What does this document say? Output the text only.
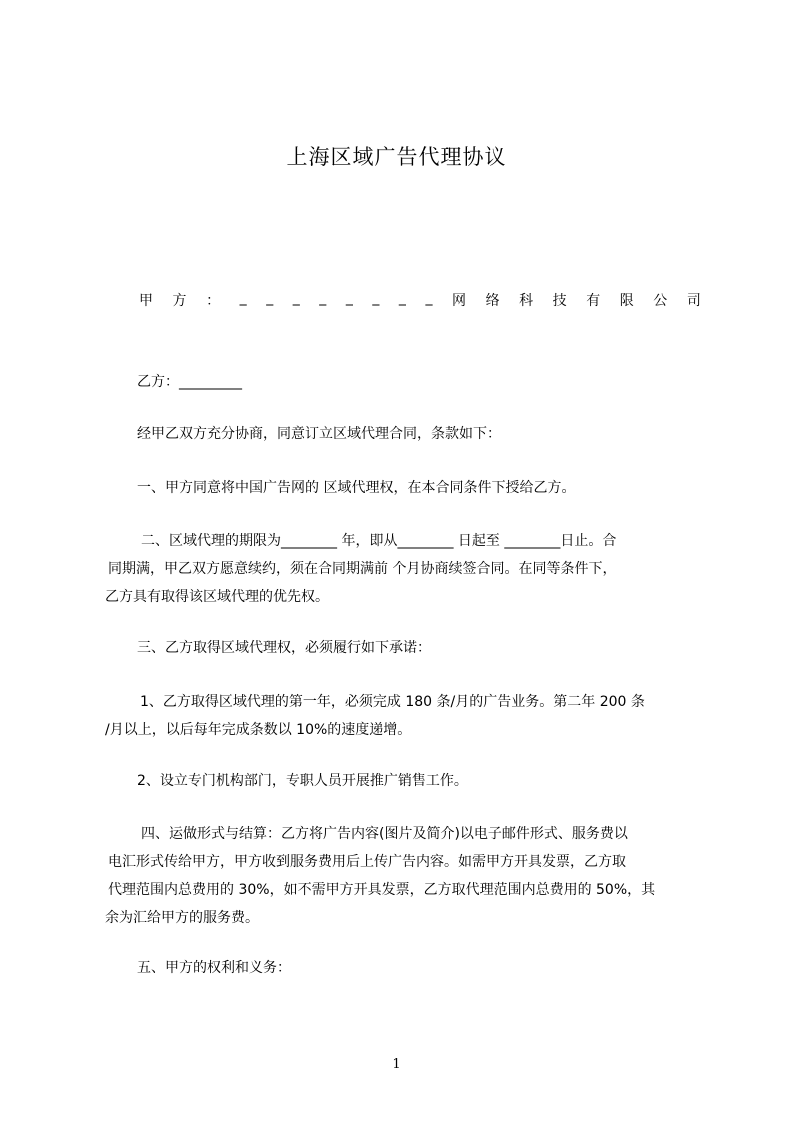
上海区域广告代理协议
甲 方 ： _ _ _ _ _ _ _ _ 网 络 科 技 有 限 公 司
乙方：_________
经甲乙双方充分协商，同意订立区域代理合同，条款如下：
一、甲方同意将中国广告网的 区域代理权，在本合同条件下授给乙方。
二、区域代理的期限为________ 年，即从________ 日起至 ________日止。合
同期满，甲乙双方愿意续约，须在合同期满前 个月协商续签合同。在同等条件下，
乙方具有取得该区域代理的优先权。
三、乙方取得区域代理权，必须履行如下承诺：
1、乙方取得区域代理的第一年，必须完成 180 条/月的广告业务。第二年 200 条
/月以上，以后每年完成条数以 10%的速度递增。
2、设立专门机构部门，专职人员开展推广销售工作。
四、运做形式与结算：乙方将广告内容(图片及简介)以电子邮件形式、服务费以
电汇形式传给甲方，甲方收到服务费用后上传广告内容。如需甲方开具发票，乙方取
代理范围内总费用的 30%，如不需甲方开具发票，乙方取代理范围内总费用的 50%，其
余为汇给甲方的服务费。
五、甲方的权利和义务：
1
